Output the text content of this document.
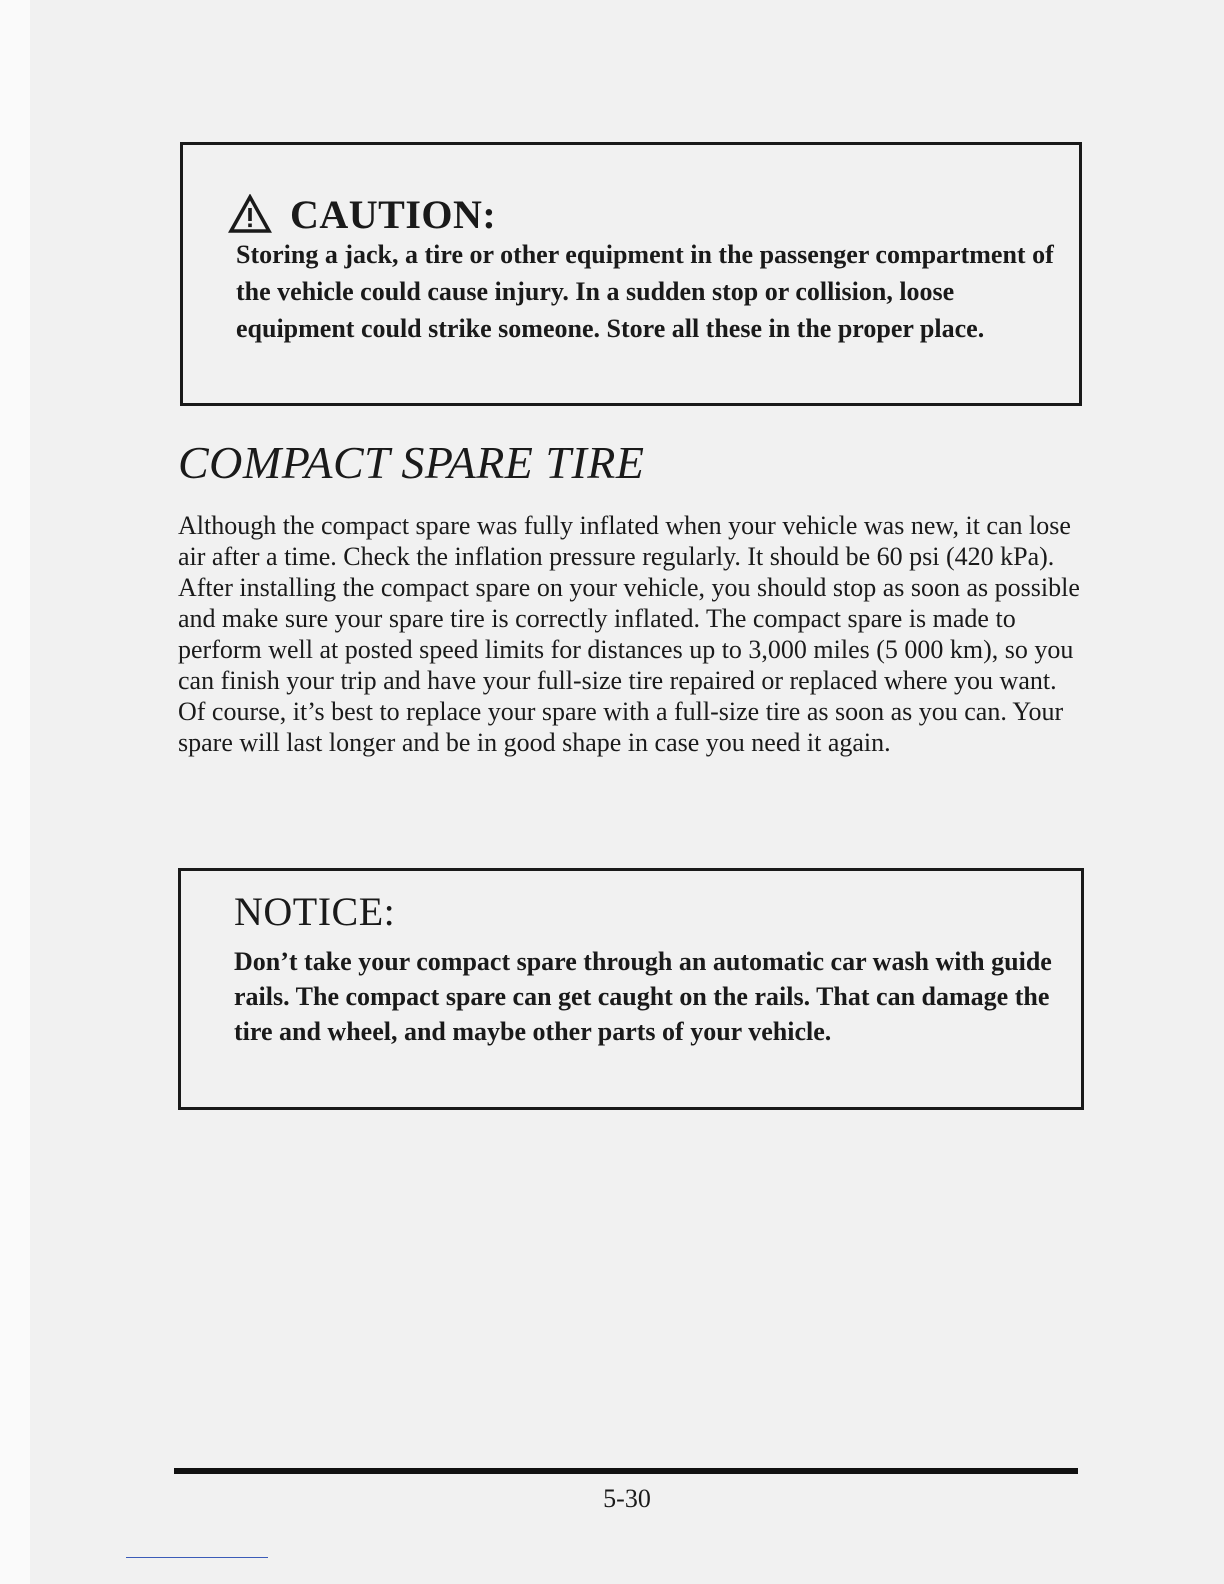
CAUTION:

Storing a jack, a tire or other equipment in the passenger compartment of the vehicle could cause injury. In a sudden stop or collision, loose equipment could strike someone. Store all these in the proper place.

COMPACT SPARE TIRE

Although the compact spare was fully inflated when your vehicle was new, it can lose air after a time. Check the inflation pressure regularly. It should be 60 psi (420 kPa). After installing the compact spare on your vehicle, you should stop as soon as possible and make sure your spare tire is correctly inflated. The compact spare is made to perform well at posted speed limits for distances up to 3,000 miles (5 000 km), so you can finish your trip and have your full-size tire repaired or replaced where you want. Of course, it’s best to replace your spare with a full-size tire as soon as you can. Your spare will last longer and be in good shape in case you need it again.

NOTICE:

Don’t take your compact spare through an automatic car wash with guide rails. The compact spare can get caught on the rails. That can damage the tire and wheel, and maybe other parts of your vehicle.

5-30
